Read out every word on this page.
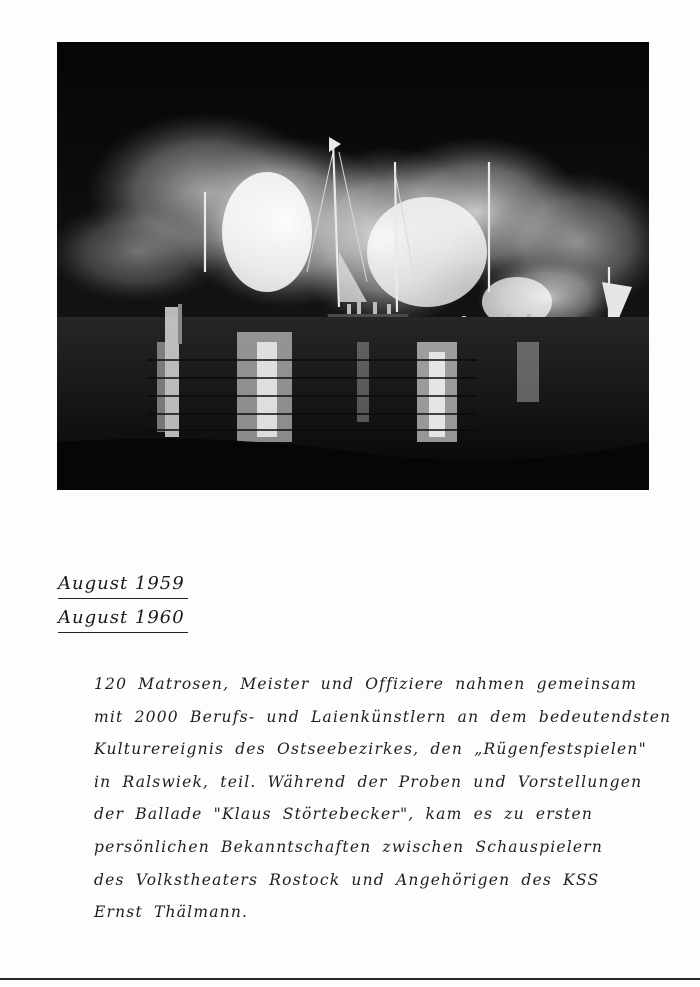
August 1959
August 1960
120 Matrosen, Meister und Offiziere nahmen gemeinsam
mit 2000 Berufs- und Laienkünstlern an dem bedeutendsten
Kulturereignis des Ostseebezirkes, den „Rügenfestspielen"
in Ralswiek, teil. Während der Proben und Vorstellungen
der Ballade "Klaus Störtebecker", kam es zu ersten
persönlichen Bekanntschaften zwischen Schauspielern
des Volkstheaters Rostock und Angehörigen des KSS
Ernst Thälmann.
